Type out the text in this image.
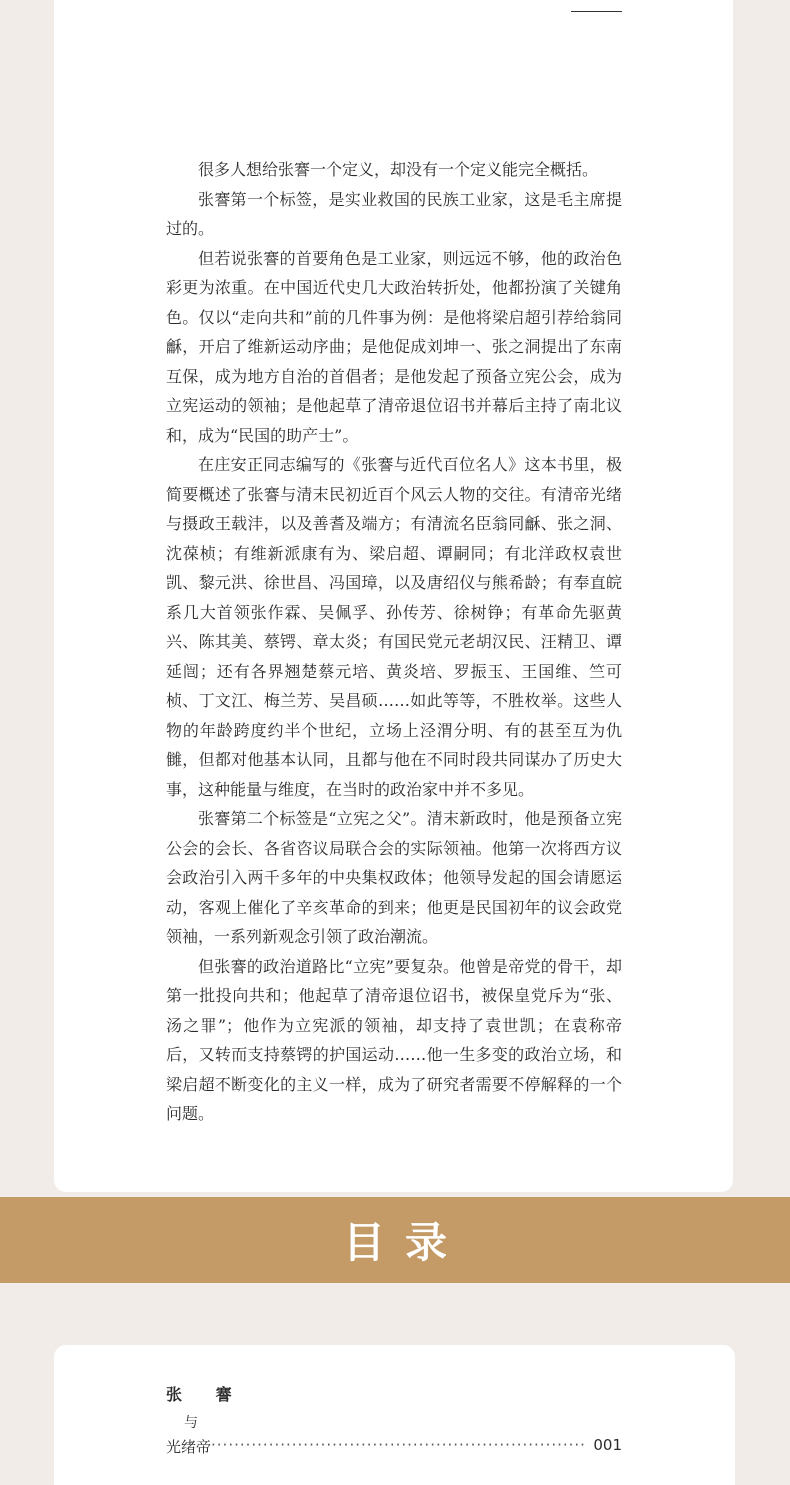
很多人想给张謇一个定义，却没有一个定义能完全概括。

张謇第一个标签，是实业救国的民族工业家，这是毛主席提过的。

但若说张謇的首要角色是工业家，则远远不够，他的政治色彩更为浓重。在中国近代史几大政治转折处，他都扮演了关键角色。仅以“走向共和”前的几件事为例：是他将梁启超引荐给翁同龢，开启了维新运动序曲；是他促成刘坤一、张之洞提出了东南互保，成为地方自治的首倡者；是他发起了预备立宪公会，成为立宪运动的领袖；是他起草了清帝退位诏书并幕后主持了南北议和，成为“民国的助产士”。

在庄安正同志编写的《张謇与近代百位名人》这本书里，极简要概述了张謇与清末民初近百个风云人物的交往。有清帝光绪与摄政王载沣，以及善耆及端方；有清流名臣翁同龢、张之洞、沈葆桢；有维新派康有为、梁启超、谭嗣同；有北洋政权袁世凯、黎元洪、徐世昌、冯国璋，以及唐绍仪与熊希龄；有奉直皖系几大首领张作霖、吴佩孚、孙传芳、徐树铮；有革命先驱黄兴、陈其美、蔡锷、章太炎；有国民党元老胡汉民、汪精卫、谭延闿；还有各界翘楚蔡元培、黄炎培、罗振玉、王国维、竺可桢、丁文江、梅兰芳、吴昌硕……如此等等，不胜枚举。这些人物的年龄跨度约半个世纪，立场上泾渭分明、有的甚至互为仇雠，但都对他基本认同，且都与他在不同时段共同谋办了历史大事，这种能量与维度，在当时的政治家中并不多见。

张謇第二个标签是“立宪之父”。清末新政时，他是预备立宪公会的会长、各省咨议局联合会的实际领袖。他第一次将西方议会政治引入两千多年的中央集权政体；他领导发起的国会请愿运动，客观上催化了辛亥革命的到来；他更是民国初年的议会政党领袖，一系列新观念引领了政治潮流。

但张謇的政治道路比“立宪”要复杂。他曾是帝党的骨干，却第一批投向共和；他起草了清帝退位诏书，被保皇党斥为“张、汤之罪”；他作为立宪派的领袖，却支持了袁世凯；在袁称帝后，又转而支持蔡锷的护国运动……他一生多变的政治立场，和梁启超不断变化的主义一样，成为了研究者需要不停解释的一个问题。

目录
张 謇
与
光绪帝
·····	001
